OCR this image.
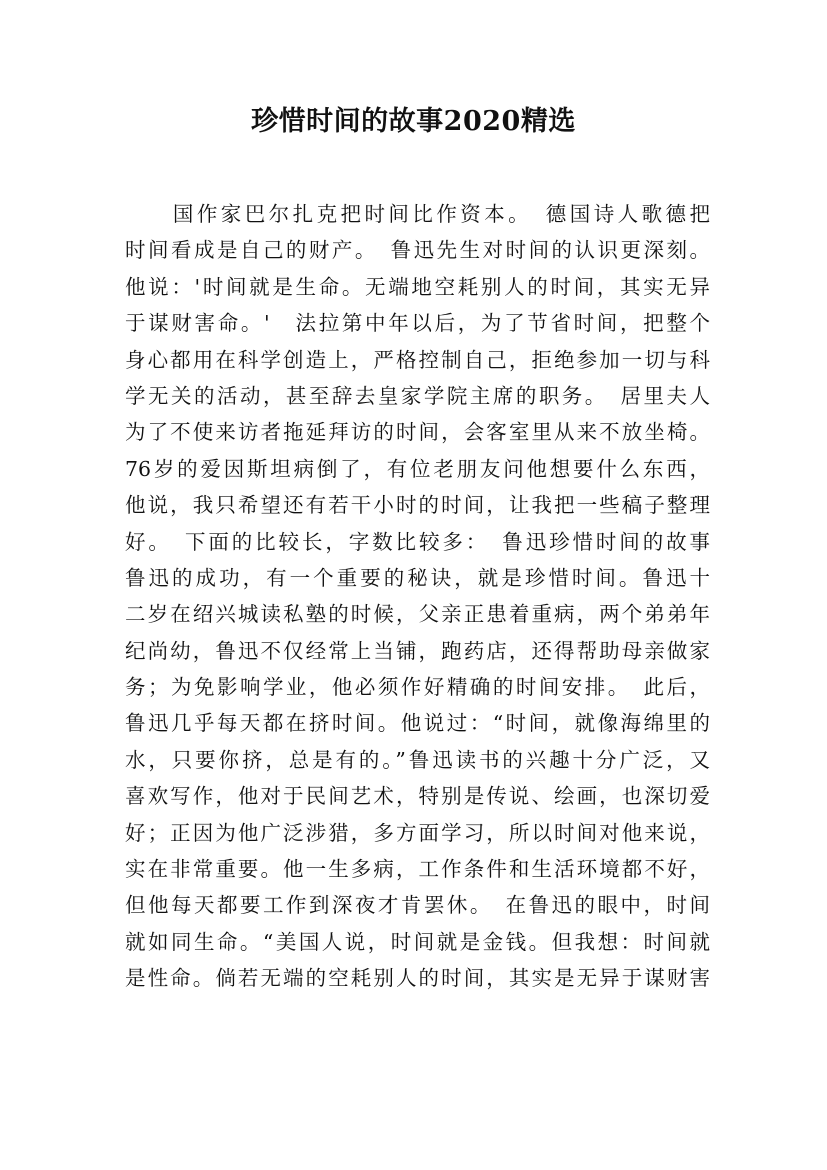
珍惜时间的故事2020精选
　　国作家巴尔扎克把时间比作资本。　德国诗人歌德把
时间看成是自己的财产。　鲁迅先生对时间的认识更深刻。
他说：'时间就是生命。无端地空耗别人的时间，其实无异
于谋财害命。'　法拉第中年以后，为了节省时间，把整个
身心都用在科学创造上，严格控制自己，拒绝参加一切与科
学无关的活动，甚至辞去皇家学院主席的职务。　居里夫人
为了不使来访者拖延拜访的时间，会客室里从来不放坐椅。
76岁的爱因斯坦病倒了，有位老朋友问他想要什么东西，
他说，我只希望还有若干小时的时间，让我把一些稿子整理
好。　下面的比较长，字数比较多：　鲁迅珍惜时间的故事
鲁迅的成功，有一个重要的秘诀，就是珍惜时间。鲁迅十
二岁在绍兴城读私塾的时候，父亲正患着重病，两个弟弟年
纪尚幼，鲁迅不仅经常上当铺，跑药店，还得帮助母亲做家
务；为免影响学业，他必须作好精确的时间安排。　此后，
鲁迅几乎每天都在挤时间。他说过：“时间，就像海绵里的
水，只要你挤，总是有的。”鲁迅读书的兴趣十分广泛，又
喜欢写作，他对于民间艺术，特别是传说、绘画，也深切爱
好；正因为他广泛涉猎，多方面学习，所以时间对他来说，
实在非常重要。他一生多病，工作条件和生活环境都不好，
但他每天都要工作到深夜才肯罢休。　在鲁迅的眼中，时间
就如同生命。“美国人说，时间就是金钱。但我想：时间就
是性命。倘若无端的空耗别人的时间，其实是无异于谋财害
